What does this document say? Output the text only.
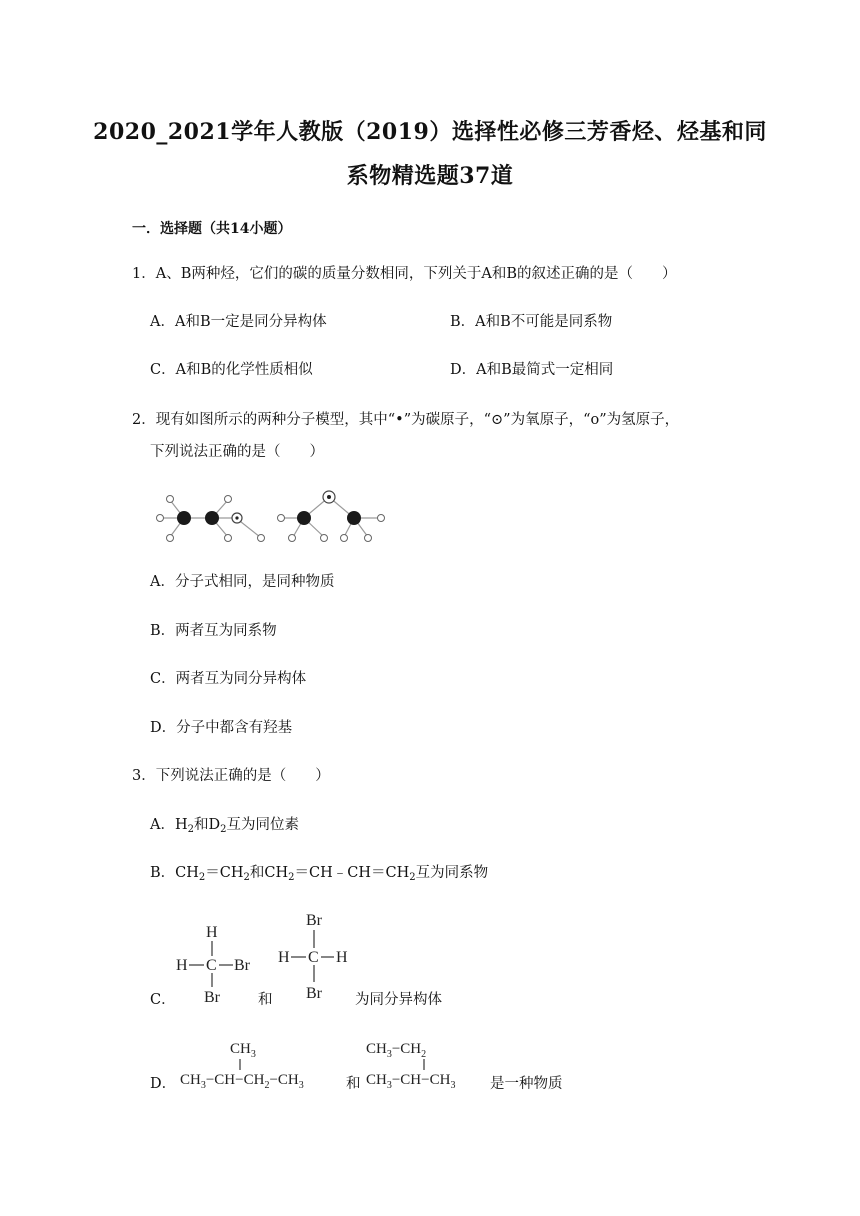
2020_2021学年人教版（2019）选择性必修三芳香烃、烃基和同
系物精选题37道
一．选择题（共14小题）
1．A、B两种烃，它们的碳的质量分数相同，下列关于A和B的叙述正确的是（　　）
A．A和B一定是同分异构体	B．A和B不可能是同系物
C．A和B的化学性质相似	D．A和B最简式一定相同
2．现有如图所示的两种分子模型，其中“•”为碳原子，“⊙”为氧原子，“o”为氢原子，
下列说法正确的是（　　）
A．分子式相同，是同种物质
B．两者互为同系物
C．两者互为同分异构体
D．分子中都含有羟基
3．下列说法正确的是（　　）
A．$H_2$和$D_2$互为同位素
B．$CH_2=CH_2$和$CH_2=CH﹣CH=CH_2$互为同系物
C．
H
H C Br
Br	和
Br
H C H
Br 为同分异构体
D．
$CH_3$
$CH_3-CH-CH_2-CH_3$	和
$CH_3-CH_2$
$CH_3-CH-CH_3$ 是一种物质
